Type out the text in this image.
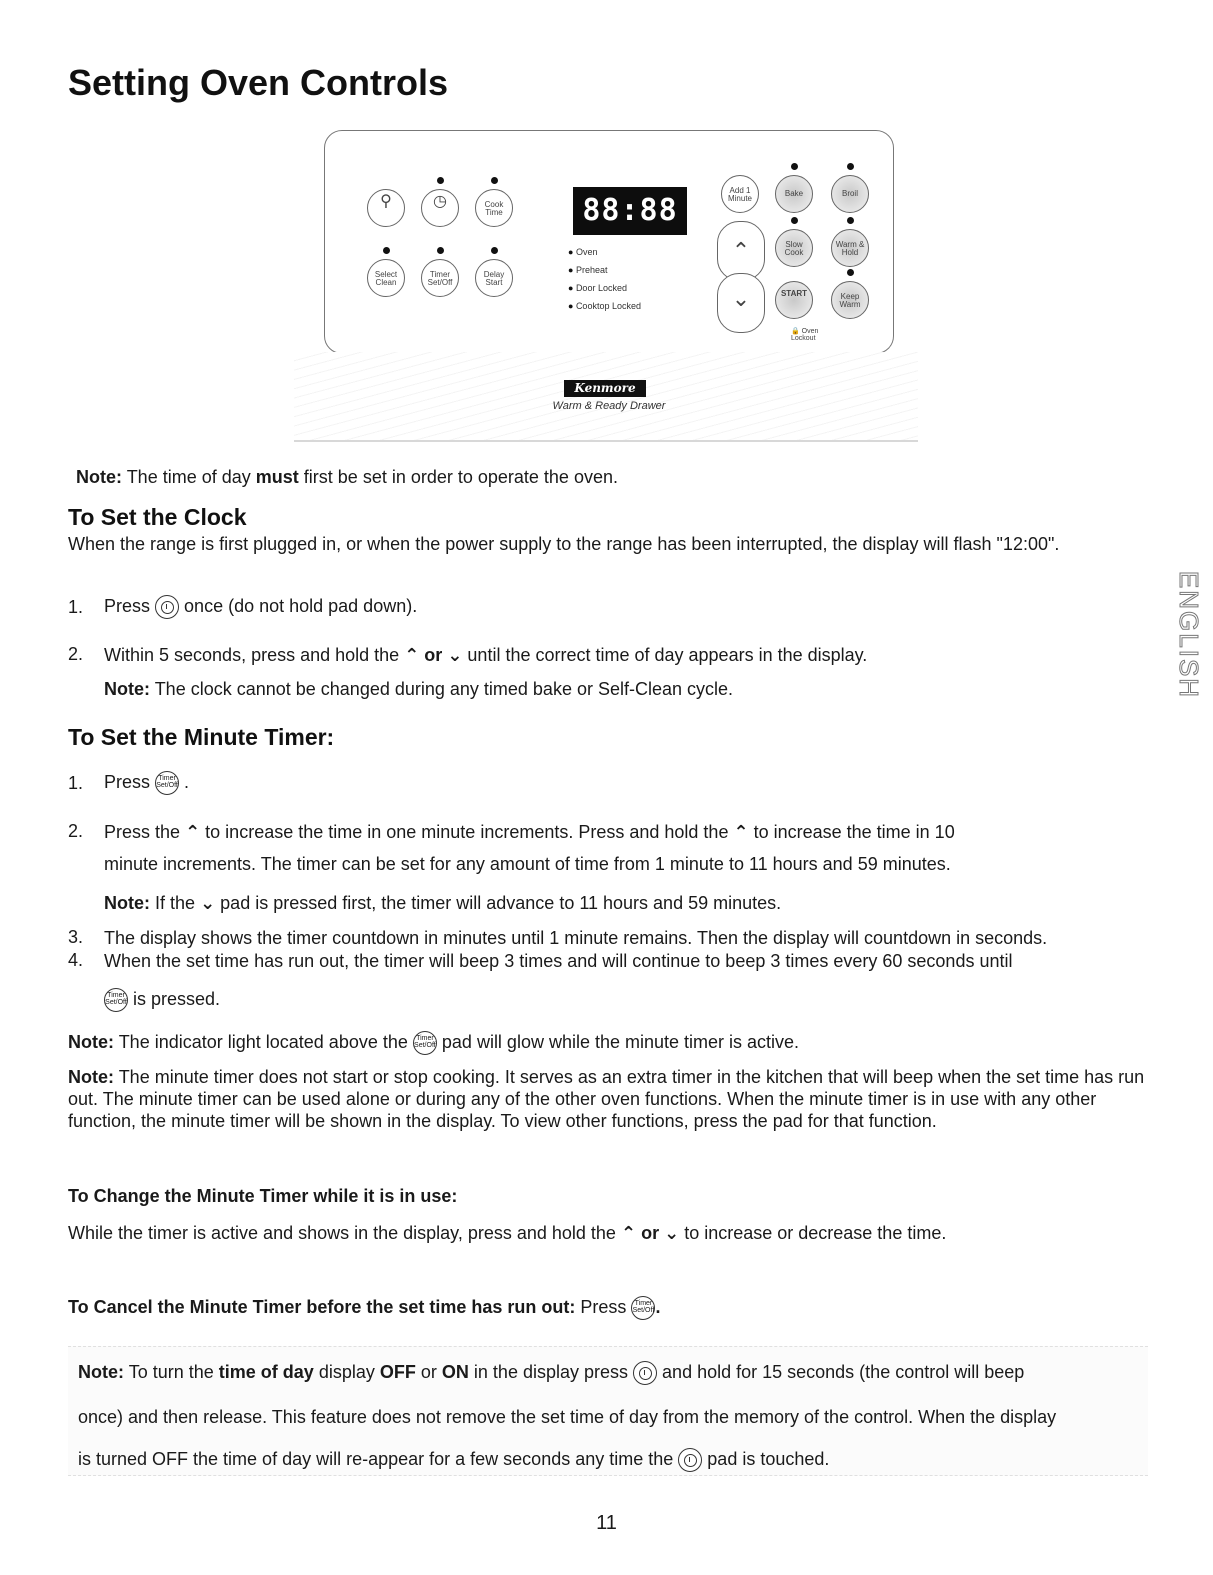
Setting Oven Controls
⚲	◷	Cook
Time
Select
Clean
Timer
Set/Off
Delay
Start
88:88
● Oven
● Preheat
● Door Locked
● Cooktop Locked
Add 1
Minute
⌃
⌄
Bake	Broil
Slow
Cook
Warm &
Hold
START	Keep
Warm
🔒 Oven
Lockout
Kenmore
Warm & Ready Drawer
Note: The time of day must first be set in order to operate the oven.
To Set the Clock
When the range is first plugged in, or when the power supply to the range has been interrupted, the display will flash "12:00".
1. Press once (do not hold pad down).
2. Within 5 seconds, press and hold the ⌃ or ⌄ until the correct time of day appears in the display.
Note: The clock cannot be changed during any timed bake or Self-Clean cycle.
To Set the Minute Timer:
1. Press	Timer
Set/Off .
2. Press the ⌃ to increase the time in one minute increments. Press and hold the ⌃ to increase the time in 10
minute increments. The timer can be set for any amount of time from 1 minute to 11 hours and 59 minutes.
Note: If the ⌄ pad is pressed first, the timer will advance to 11 hours and 59 minutes.
3. The display shows the timer countdown in minutes until 1 minute remains. Then the display will countdown in seconds.
4. When the set time has run out, the timer will beep 3 times and will continue to beep 3 times every 60 seconds until
Timer
Set/Off is pressed.
Note: The indicator light located above the	Timer
Set/Off pad will glow while the minute timer is active.
Note: The minute timer does not start or stop cooking. It serves as an extra timer in the kitchen that will beep when the set time has run out. The minute timer can be used alone or during any of the other oven functions. When the minute timer is in use with any other function, the minute timer will be shown in the display. To view other functions, press the pad for that function.
To Change the Minute Timer while it is in use:
While the timer is active and shows in the display, press and hold the ⌃ or ⌄ to increase or decrease the time.
To Cancel the Minute Timer before the set time has run out: Press	Timer
Set/Off .
Note: To turn the time of day display OFF or ON in the display press and hold for 15 seconds (the control will beep
once) and then release. This feature does not remove the set time of day from the memory of the control. When the display
is turned OFF the time of day will re-appear for a few seconds any time the pad is touched.
ENGLISH
11
